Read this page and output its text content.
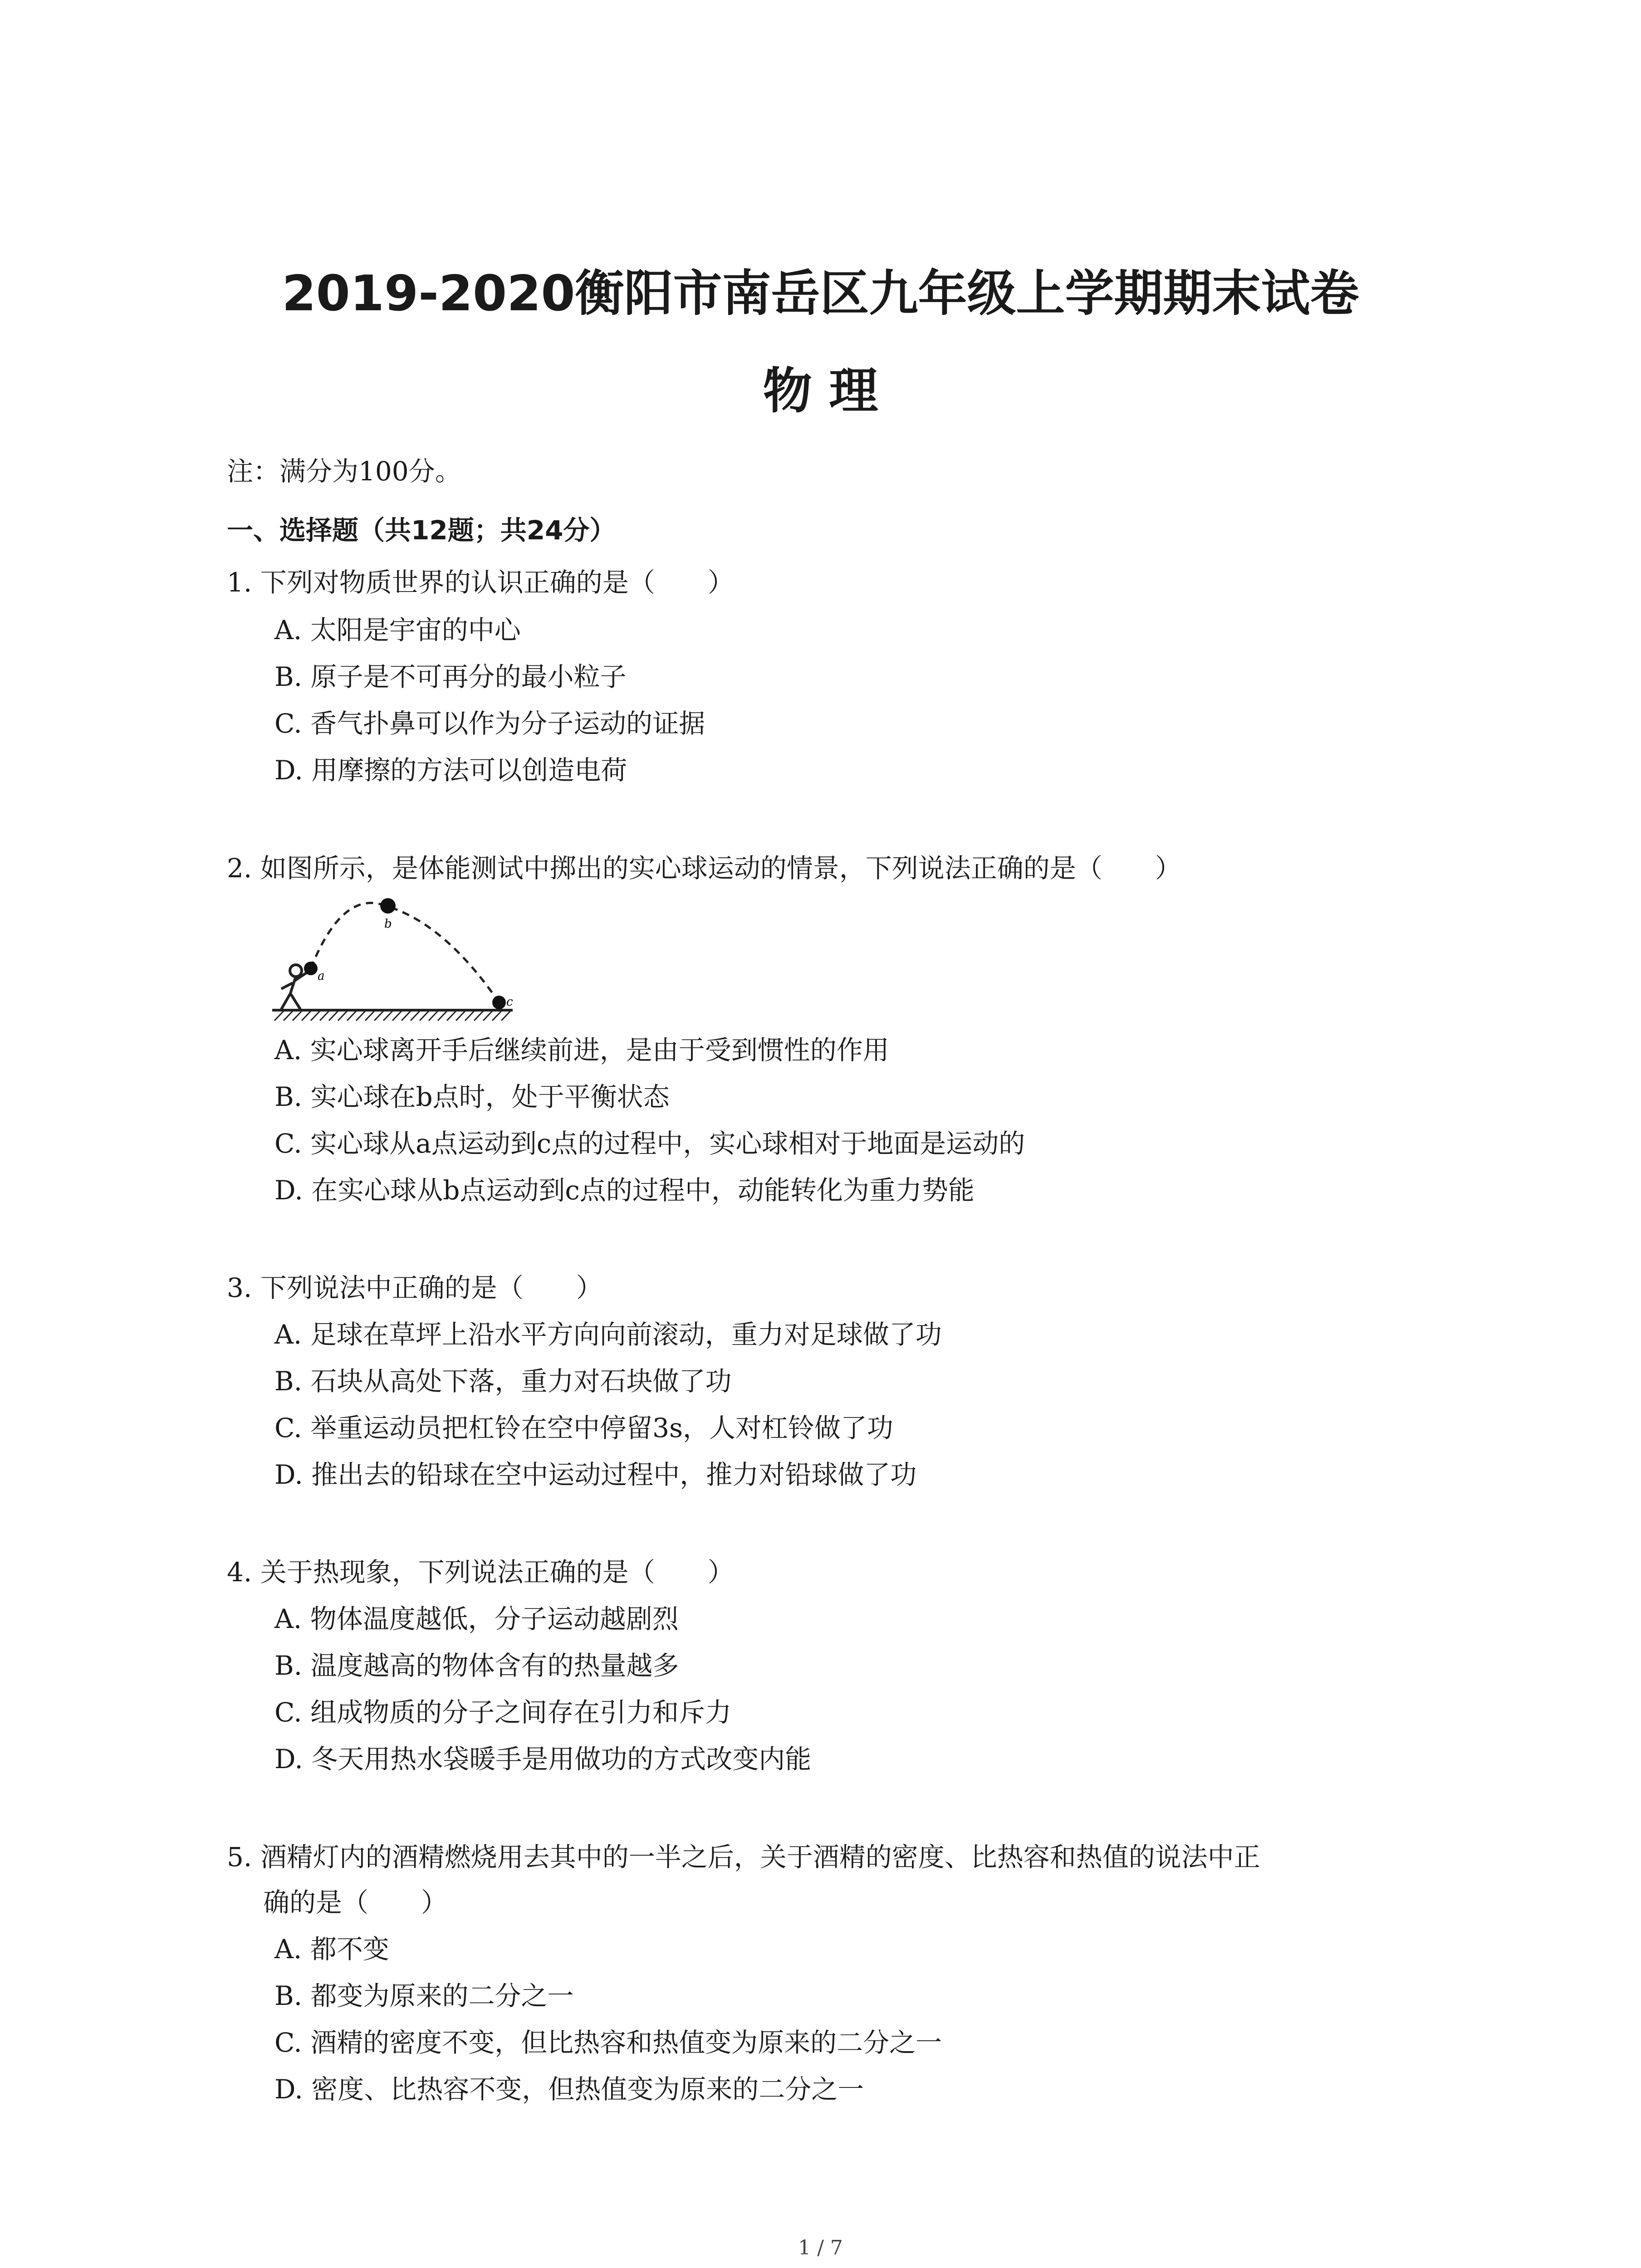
2019-2020衡阳市南岳区九年级上学期期末试卷
物 理
注：满分为100分。
一、选择题（共12题；共24分）
1. 下列对物质世界的认识正确的是（　　）
A. 太阳是宇宙的中心
B. 原子是不可再分的最小粒子
C. 香气扑鼻可以作为分子运动的证据
D. 用摩擦的方法可以创造电荷
2. 如图所示，是体能测试中掷出的实心球运动的情景，下列说法正确的是（　　）
a
b
c
A. 实心球离开手后继续前进，是由于受到惯性的作用
B. 实心球在b点时，处于平衡状态
C. 实心球从a点运动到c点的过程中，实心球相对于地面是运动的
D. 在实心球从b点运动到c点的过程中，动能转化为重力势能
3. 下列说法中正确的是（　　）
A. 足球在草坪上沿水平方向向前滚动，重力对足球做了功
B. 石块从高处下落，重力对石块做了功
C. 举重运动员把杠铃在空中停留3s，人对杠铃做了功
D. 推出去的铅球在空中运动过程中，推力对铅球做了功
4. 关于热现象，下列说法正确的是（　　）
A. 物体温度越低，分子运动越剧烈
B. 温度越高的物体含有的热量越多
C. 组成物质的分子之间存在引力和斥力
D. 冬天用热水袋暖手是用做功的方式改变内能
5. 酒精灯内的酒精燃烧用去其中的一半之后，关于酒精的密度、比热容和热值的说法中正
确的是（　　）
A. 都不变
B. 都变为原来的二分之一
C. 酒精的密度不变，但比热容和热值变为原来的二分之一
D. 密度、比热容不变，但热值变为原来的二分之一
1 / 7
